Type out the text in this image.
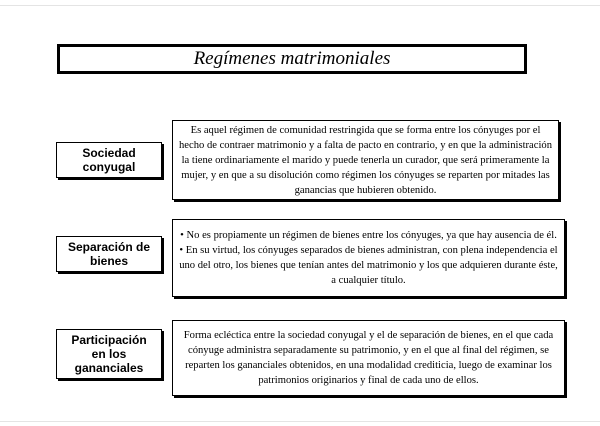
Regímenes matrimoniales
Sociedad
conyugal

Es aquel régimen de comunidad restringida que se forma entre los cónyuges por el hecho de contraer matrimonio y a falta de pacto en contrario, y en que la administración la tiene ordinariamente el marido y puede tenerla un curador, que será primeramente la mujer, y en que a su disolución como régimen los cónyuges se reparten por mitades las ganancias que hubieren obtenido.

Separación de
bienes

• No es propiamente un régimen de bienes entre los cónyuges, ya que hay ausencia de él.

• En su virtud, los cónyuges separados de bienes administran, con plena independencia el uno del otro, los bienes que tenían antes del matrimonio y los que adquieren durante éste, a cualquier título.

Participación
en los
gananciales

Forma ecléctica entre la sociedad conyugal y el de separación de bienes, en el que cada cónyuge administra separadamente su patrimonio, y en el que al final del régimen, se reparten los gananciales obtenidos, en una modalidad crediticia, luego de examinar los patrimonios originarios y final de cada uno de ellos.
